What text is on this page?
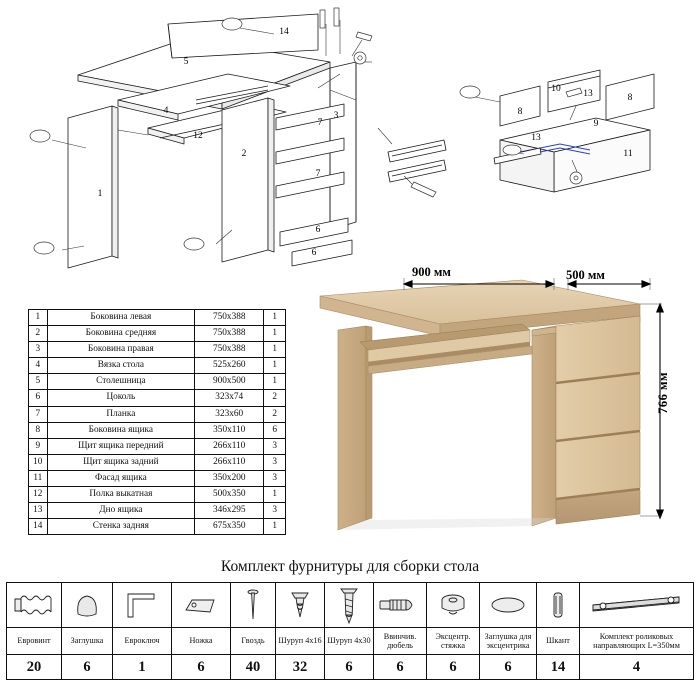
1
2
3
4
5
6
7
8
8
9
10
11
12
13
13
14
7
6
1	Боковина левая	750x388	1
2	Боковина средняя	750x388	1
3	Боковина правая	750x388	1
4	Вязка стола	525x260	1
5	Столешница	900x500	1
6	Цоколь	323x74	2
7	Планка	323x60	2
8	Боковина ящика	350x110	6
9	Щит ящика передний	266x110	3
10	Щит ящика задний	266x110	3
11	Фасад ящика	350x200	3
12	Полка выкатная	500x350	1
13	Дно ящика	346x295	3
14	Стенка задняя	675x350	1
900 мм	500 мм
766 мм
Комплект фурнитуры для сборки стола

Евровинт	Заглушка	Евроключ	Ножка	Гвоздь	Шуруп 4х16	Шуруп 4х30	Ввинчив. дюбель	Эксцентр. стяжка	Заглушка для эксцентрика	Шкант	Комплект роликовых направляющих L=350мм
20	6	1	6	40	32	6	6	6	6	14	4
